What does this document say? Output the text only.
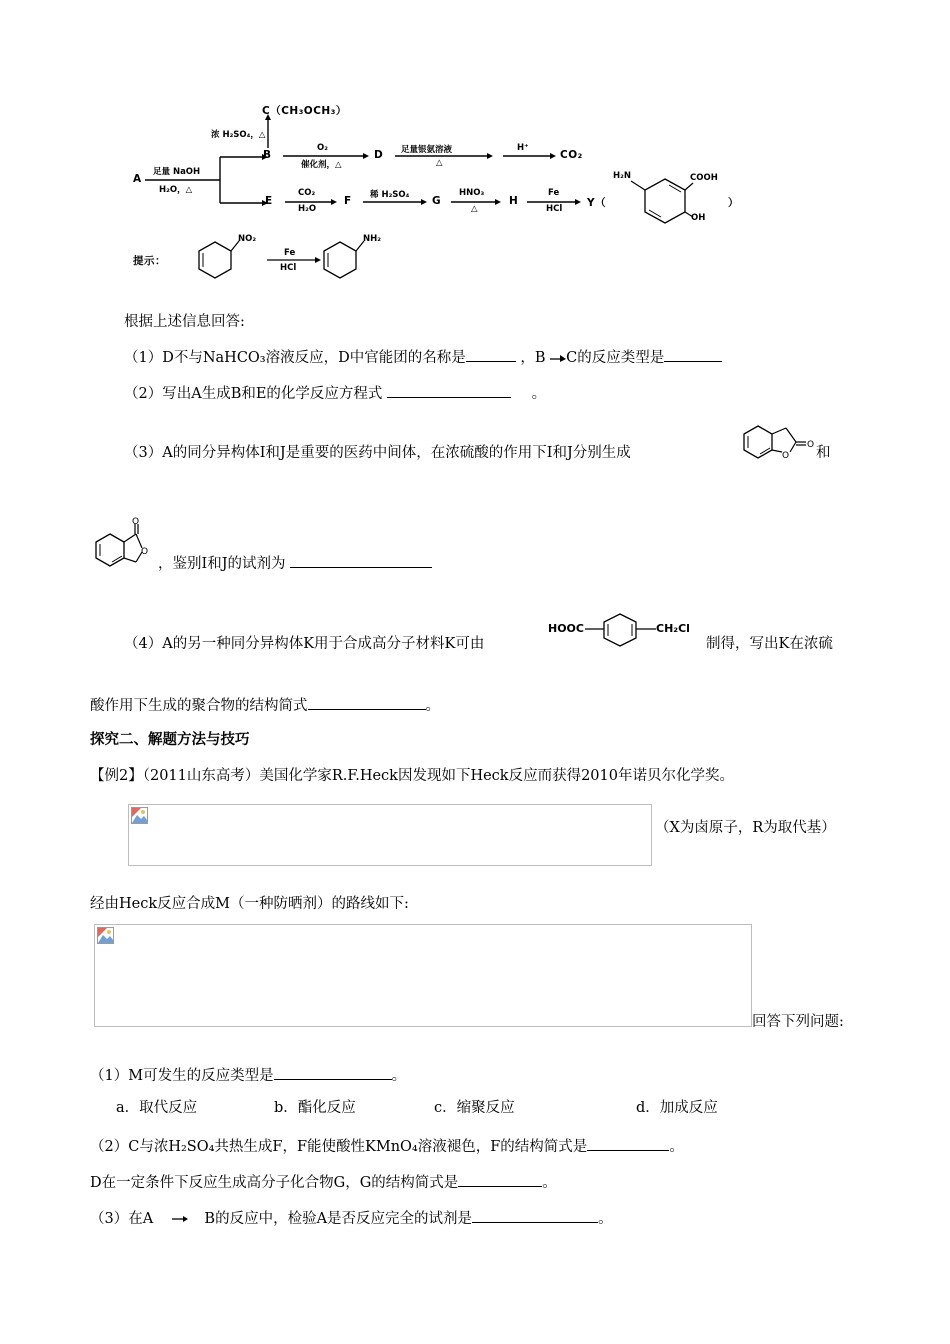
A
足量 NaOH
H₂O，△
C（CH₃OCH₃）
浓 H₂SO₄，△
B
O₂
催化剂，△
D 足量银氨溶液
△
H⁺
CO₂
E
CO₂
H₂O
F 稀 H₂SO₄ G
HNO₃
△
H
Fe
HCl Y（
H₂N	COOH
OH
）
提示：
NO₂
Fe
HCl
NH₂
根据上述信息回答:
（1）D不与NaHCO₃溶液反应，D中官能团的名称是	，B C的反应类型是
（2）写出A生成B和E的化学反应方程式	。
（3）A的同分异构体I和J是重要的医药中间体，在浓硫酸的作用下I和J分别生成	O
O 和
O
O
，鉴别I和J的试剂为
（4）A的另一种同分异构体K用于合成高分子材料K可由
HOOC	CH₂Cl
制得，写出K在浓硫
酸作用下生成的聚合物的结构简式	。
探究二、解题方法与技巧
【例2】（2011山东高考）美国化学家R.F.Heck因发现如下Heck反应而获得2010年诺贝尔化学奖。
（X为卤原子，R为取代基）
经由Heck反应合成M（一种防晒剂）的路线如下:
回答下列问题:
（1）M可发生的反应类型是	。
a．取代反应	b．酯化反应	c．缩聚反应	d．加成反应
（2）C与浓H₂SO₄共热生成F，F能使酸性KMnO₄溶液褪色，F的结构简式是	。
D在一定条件下反应生成高分子化合物G，G的结构简式是	。
（3）在A	B的反应中，检验A是否反应完全的试剂是	。
